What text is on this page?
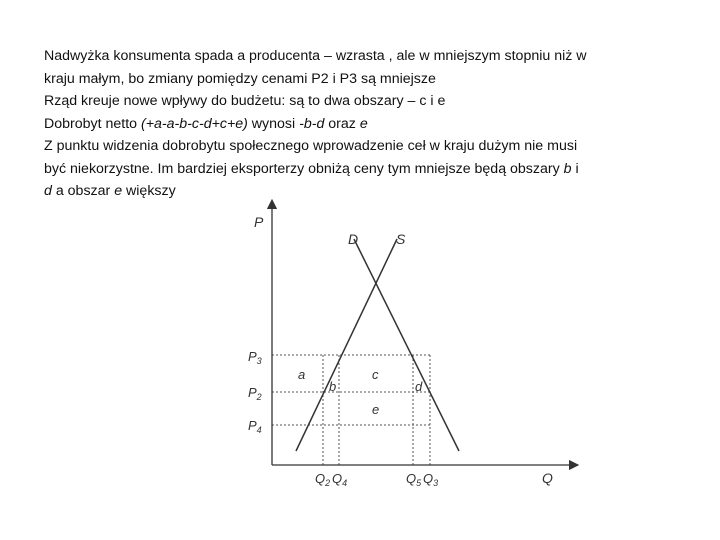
Nadwyżka konsumenta spada a producenta – wzrasta , ale w mniejszym stopniu niż w
kraju małym, bo zmiany pomiędzy cenami P2 i P3 są mniejsze
Rząd kreuje nowe wpływy do budżetu: są to dwa obszary – c i e
Dobrobyt netto (+a-a-b-c-d+c+e) wynosi -b-d oraz e
Z punktu widzenia dobrobytu społecznego wprowadzenie ceł w kraju dużym nie musi
być niekorzystne. Im bardziej eksporterzy obniżą ceny tym mniejsze będą obszary b i
d a obszar e większy
P
Q
D	S
$P_3$
$P_2$
$P_4$
a
b
c
d
e
$Q_2$ $Q_4$	$Q_5$ $Q_3$
